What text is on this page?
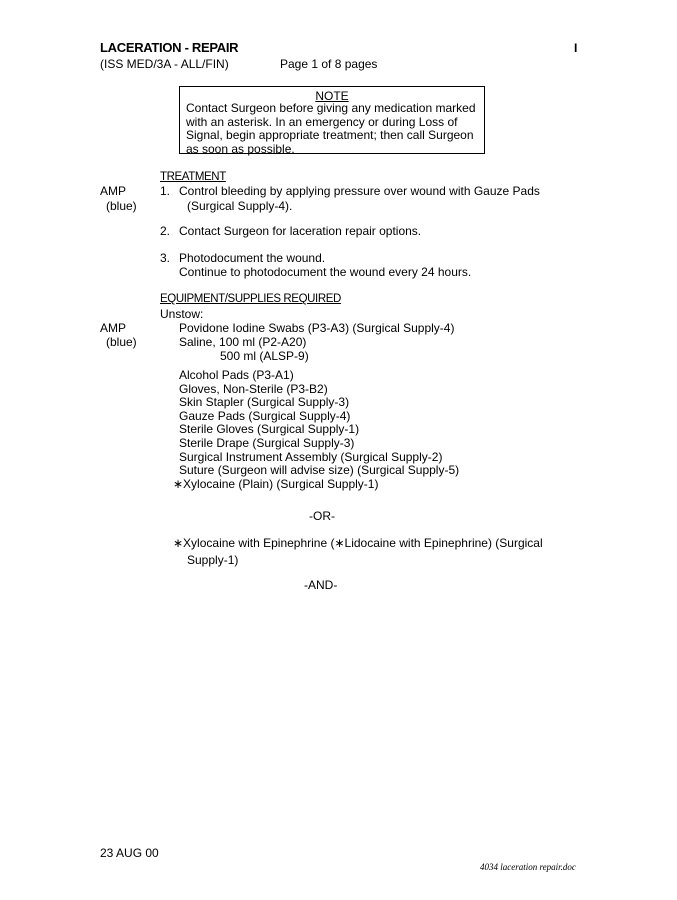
LACERATION - REPAIR
(ISS MED/3A - ALL/FIN)	Page 1 of 8 pages
I
NOTE
Contact Surgeon before giving any medication marked
with an asterisk. In an emergency or during Loss of
Signal, begin appropriate treatment; then call Surgeon
as soon as possible.
TREATMENT
AMP
(blue)
1. Control bleeding by applying pressure over wound with Gauze Pads
(Surgical Supply-4).
2. Contact Surgeon for laceration repair options.
3. Photodocument the wound.
Continue to photodocument the wound every 24 hours.
EQUIPMENT/SUPPLIES REQUIRED
Unstow:
AMP
(blue)
Povidone Iodine Swabs (P3-A3) (Surgical Supply-4)
Saline, 100 ml (P2-A20)
500 ml (ALSP-9)
Alcohol Pads (P3-A1)
Gloves, Non-Sterile (P3-B2)
Skin Stapler (Surgical Supply-3)
Gauze Pads (Surgical Supply-4)
Sterile Gloves (Surgical Supply-1)
Sterile Drape (Surgical Supply-3)
Surgical Instrument Assembly (Surgical Supply-2)
Suture (Surgeon will advise size) (Surgical Supply-5)
∗Xylocaine (Plain) (Surgical Supply-1)
-OR-
∗Xylocaine with Epinephrine (∗Lidocaine with Epinephrine) (Surgical
Supply-1)
-AND-
23 AUG 00
4034 laceration repair.doc
